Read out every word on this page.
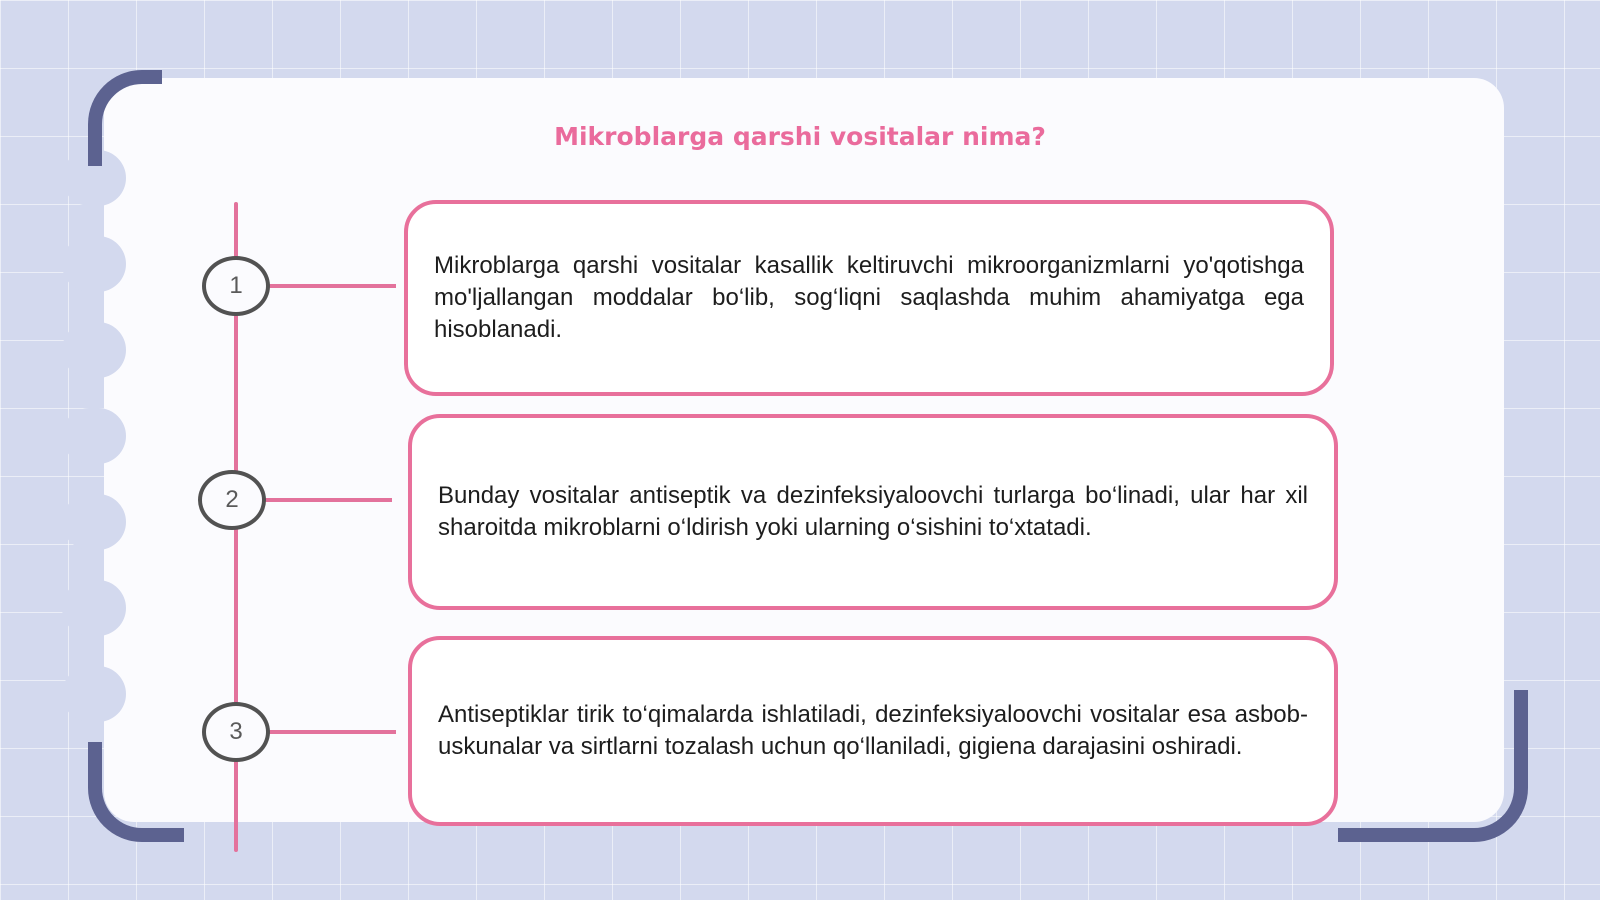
Mikroblarga qarshi vositalar nima?
1
2
3
Mikroblarga qarshi vositalar kasallik keltiruvchi mikroorganizmlarni yo'qotishga mo'ljallangan moddalar bo‘lib, sog‘liqni saqlashda muhim ahamiyatga ega hisoblanadi.
Bunday vositalar antiseptik va dezinfeksiyaloovchi turlarga bo‘linadi, ular har xil sharoitda mikroblarni o‘ldirish yoki ularning o‘sishini to‘xtatadi.
Antiseptiklar tirik to‘qimalarda ishlatiladi, dezinfeksiyaloovchi vositalar esa asbob-uskunalar va sirtlarni tozalash uchun qo‘llaniladi, gigiena darajasini oshiradi.
